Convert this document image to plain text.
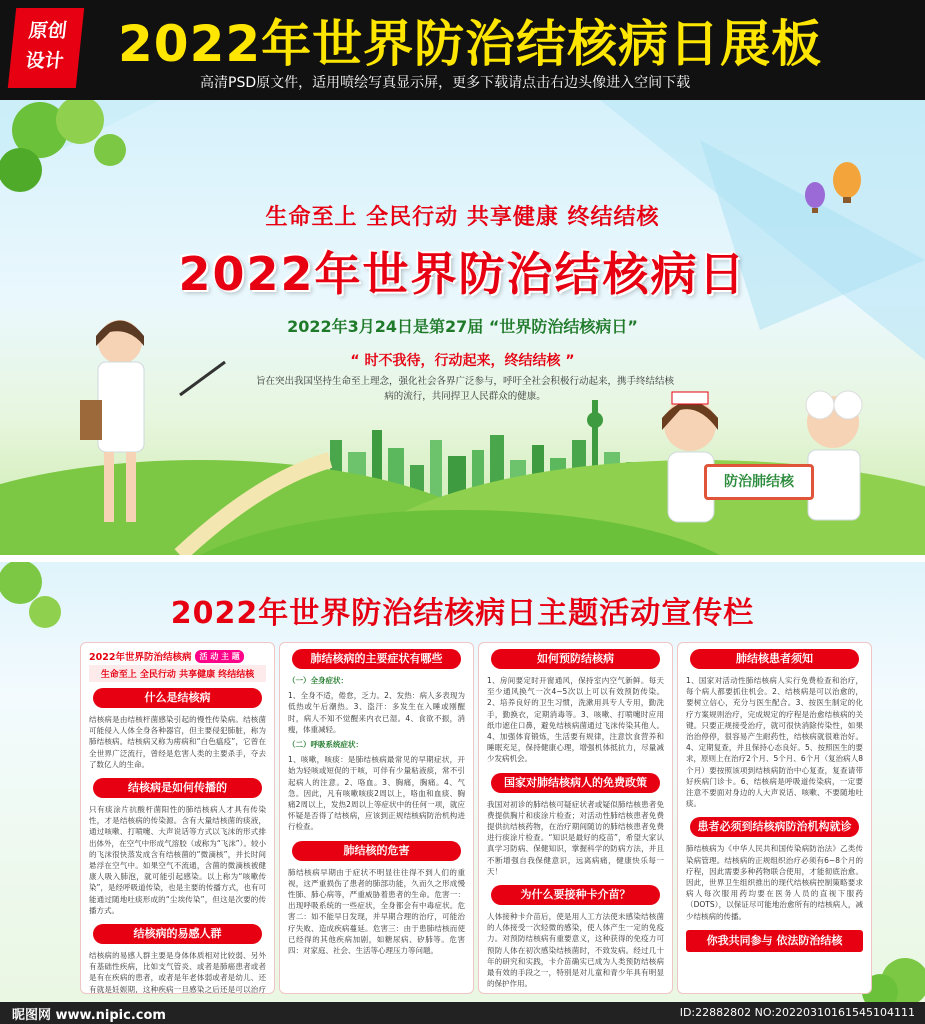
原创
设计	2022年世界防治结核病日展板
高清PSD原文件，适用喷绘写真显示屏，更多下载请点击右边头像进入空间下载
生命至上 全民行动 共享健康 终结结核
2022年世界防治结核病日
2022年3月24日是第27届 “世界防治结核病日”
“ 时不我待，行动起来，终结结核 ”
旨在突出我国坚持生命至上理念，强化社会各界广泛参与，呼吁全社会积极行动起来，携手终结结核病的流行，共同捍卫人民群众的健康。
防治肺结核
2022年世界防治结核病日主题活动宣传栏
2022年世界防治结核病	活 动 主 题
生命至上 全民行动 共享健康 终结结核
什么是结核病
结核病是由结核杆菌感染引起的慢性传染病。结核菌可能侵入人体全身各种器官，但主要侵犯肺脏，称为肺结核病。结核病又称为痨病和“白色瘟疫”，它曾在全世界广泛流行，曾经是危害人类的主要杀手，夺去了数亿人的生命。
结核病是如何传播的
只有痰涂片抗酸杆菌阳性的肺结核病人才具有传染性，才是结核病的传染源。含有大量结核菌的痰液，通过咳嗽、打喷嚏、大声说话等方式以飞沫的形式排出体外，在空气中形成气溶胶（或称为“飞沫”）。较小的飞沫很快蒸发成含有结核菌的“微滴核”，并长时间悬浮在空气中。如果空气不流通，含菌的微滴核被健康人吸入肺泡，就可能引起感染。以上称为“咳嗽传染”，是经呼吸道传染，也是主要的传播方式，也有可能通过随地吐痰形成的“尘埃传染”，但这是次要的传播方式。
结核病的易感人群
结核病的易感人群主要是身体体质相对比较弱、另外有基础性疾病，比如支气管炎、或者是肺癌患者或者是有在疾病的患者，或者是年老体弱或者是幼儿、还有就是妊娠期，这种疾病一旦感染之后还是可以治疗
肺结核病的主要症状有哪些
（一）全身症状：
1、全身不适，倦怠，乏力。2、发热：病人多表现为低热或午后潮热。3、盗汗：多发生在入睡或刚醒时，病人不知不觉醒来内衣已湿。4、食欲不振，消瘦，体重减轻。
（二）呼吸系统症状：
1、咳嗽，咳痰：是肺结核病最常见的早期症状，开始为轻咳或短促的干咳，可伴有少量粘液痰，常不引起病人的注意。2、咯血。3、胸痛，胸痛。4、气急。因此，凡有咳嗽咳痰2周以上，咯血和血痰、胸痛2周以上，发热2周以上等症状中的任何一项，就应怀疑是否得了结核病，应该到正规结核病防治机构进行检查。
肺结核的危害
肺结核病早期由于症状不明显往往得不到人们的重视，这严重损伤了患者的肺部功能，久而久之形成慢性肺、肺心病等，严重威胁着患者的生命。危害一：出现呼吸系统的一些症状，全身都会有中毒症状。危害二：如不能早日发现，并早期合理的治疗，可能治疗失败、造成疾病蔓延。危害三：由于患肺结核而使已经得的其他疾病加剧，如糖尿病、矽肺等。危害四：对家庭、社会、生活等心理压力等问题。
如何预防结核病
1、房间要定时开窗通风，保持室内空气新鲜。每天至少通风换气一次4~5次以上可以有效预防传染。2、培养良好的卫生习惯，洗漱用具专人专用，勤洗手，勤换衣，定期消毒等。3、咳嗽、打喷嚏时应用纸巾遮住口鼻，避免结核病菌通过飞沫传染其他人。4、加强体育锻炼，生活要有规律，注意饮食营养和睡眠充足，保持健康心理，增强机体抵抗力，尽量减少发病机会。
国家对肺结核病人的免费政策
我国对初诊的肺结核可疑症状者或疑似肺结核患者免费提供胸片和痰涂片检查；对活动性肺结核患者免费提供抗结核药物，在治疗期间随访的肺结核患者免费进行痰涂片检查。“知识是最好的疫苗”，希望大家认真学习防病、保健知识，掌握科学的防病方法，并且不断增强自我保健意识，远离病痛，健康快乐每一天！
为什么要接种卡介苗？
人体接种卡介苗后，使是用人工方法使未感染结核菌的人体接受一次轻微的感染，使人体产生一定的免疫力。对预防结核病有重要意义，这种获得的免疫力可预防人体在初次感染结核菌时，不致发病。经过几十年的研究和实践，卡介苗确实已成为人类预防结核病最有效的手段之一，特别是对儿童和青少年具有明显的保护作用。
肺结核患者须知
1、国家对活动性肺结核病人实行免费检查和治疗，每个病人都要抓住机会。2、结核病是可以治愈的，要树立信心，充分与医生配合。3、按医生制定的化疗方案规则治疗，完成规定的疗程是治愈结核病的关键。只要正规接受治疗，就可很快消除传染性，如果治治停停，很容易产生耐药性，结核病就很难治好。4、定期复查，并且保持心态良好。5、按照医生的要求，原则上在治疗2个月、5个月、6个月（复治病人8个月）要按照该项到结核病防治中心复查，复查请带好疾病门诊卡。6、结核病是呼吸道传染病，一定要注意不要面对身边的人大声说话、咳嗽、不要随地吐痰。
患者必须到结核病防治机构就诊
肺结核病为《中华人民共和国传染病防治法》乙类传染病管理。结核病的正规组织治疗必须有6~8个月的疗程，因此需要多种药物联合使用，才能彻底治愈。因此，世界卫生组织推出的现代结核病控制策略要求病人每次服用药均要在医务人员的直视下服药（DOTS），以保证尽可能地治愈所有的结核病人，减少结核病的传播。
你我共同参与 依法防治结核
昵图网 www.nipic.com	ID:22882802 NO:20220310161545104111
